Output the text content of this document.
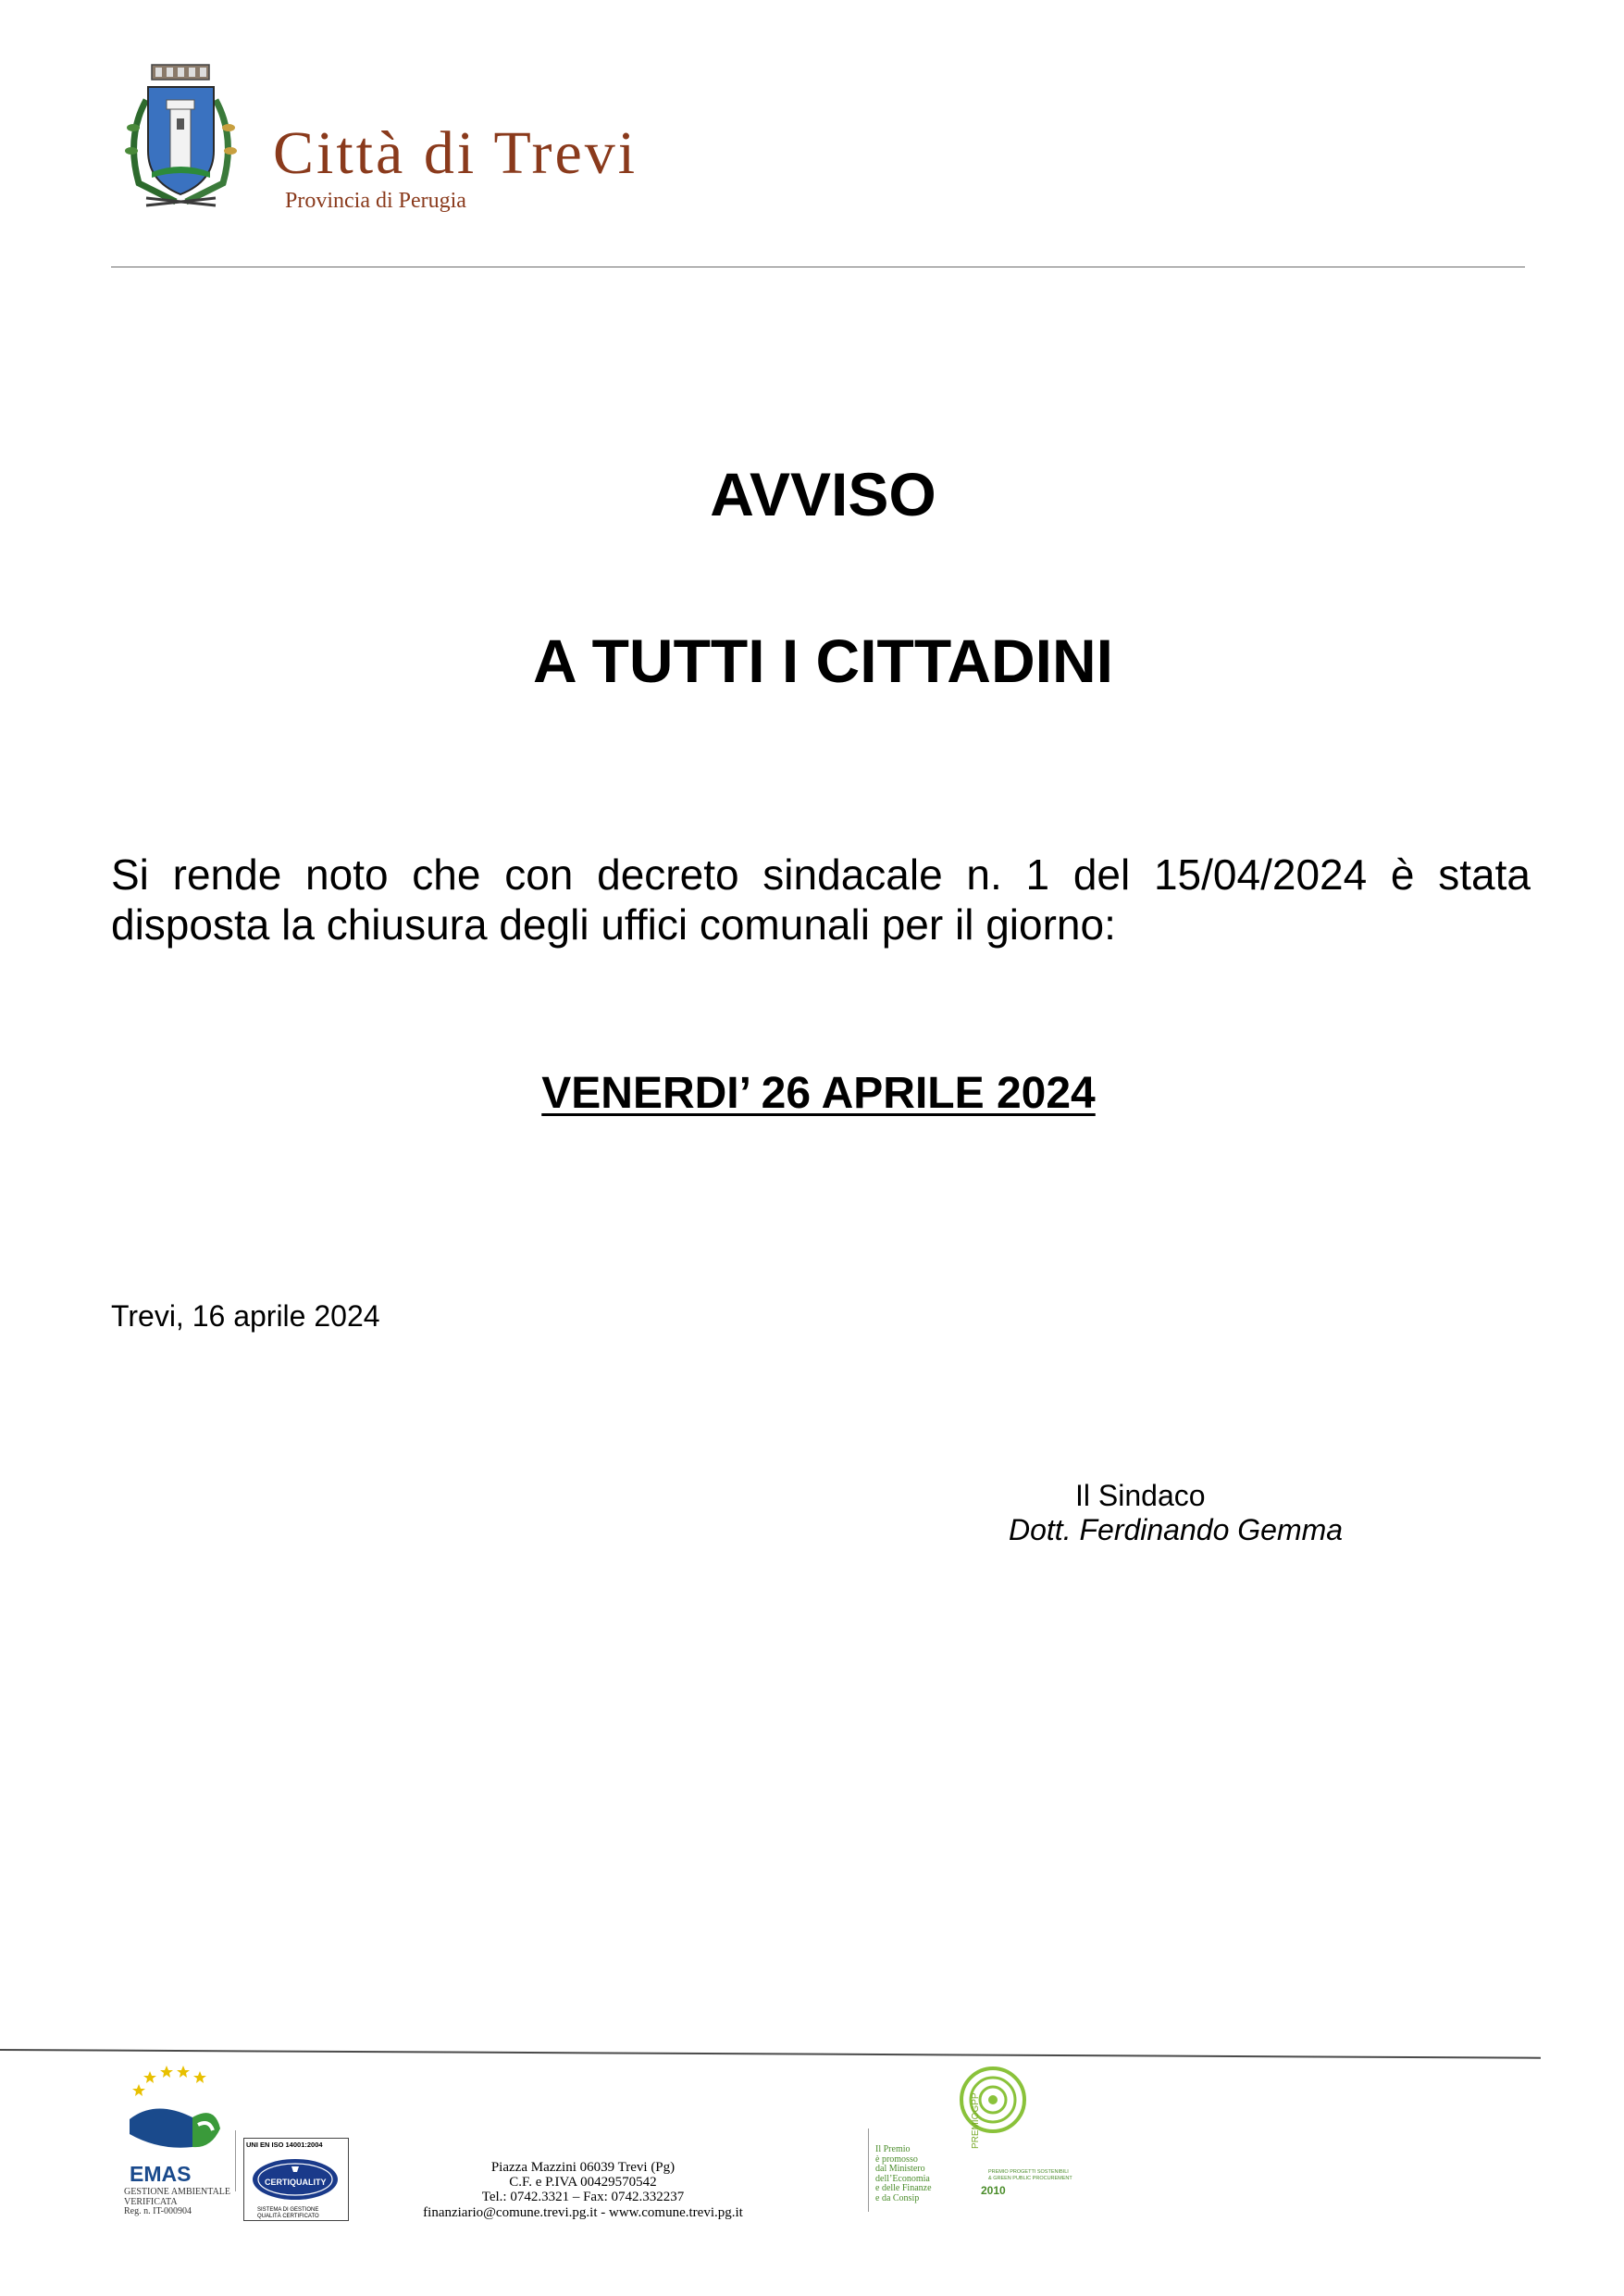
Città di Trevi
Provincia di Perugia
AVVISO
A TUTTI I CITTADINI
Si rende noto che con decreto sindacale n. 1 del 15/04/2024 è stata disposta la chiusura degli uffici comunali per il giorno:
VENERDI’ 26 APRILE 2024
Trevi, 16 aprile 2024
Il Sindaco
Dott. Ferdinando Gemma
EMAS
GESTIONE AMBIENTALE
VERIFICATA
Reg. n. IT-000904
UNI EN ISO 14001:2004
CERTIQUALITY
SISTEMA DI GESTIONE
QUALITÀ CERTIFICATO
Piazza Mazzini 06039 Trevi (Pg)
C.F. e P.IVA 00429570542
Tel.: 0742.3321 – Fax: 0742.332237
finanziario@comune.trevi.pg.it - www.comune.trevi.pg.it
Il Premio
è promosso
dal Ministero
dell’Economia
e delle Finanze
e da Consip
PREMIOGPP
PREMIO PROGETTI SOSTENIBILI
& GREEN PUBLIC PROCUREMENT
2010
